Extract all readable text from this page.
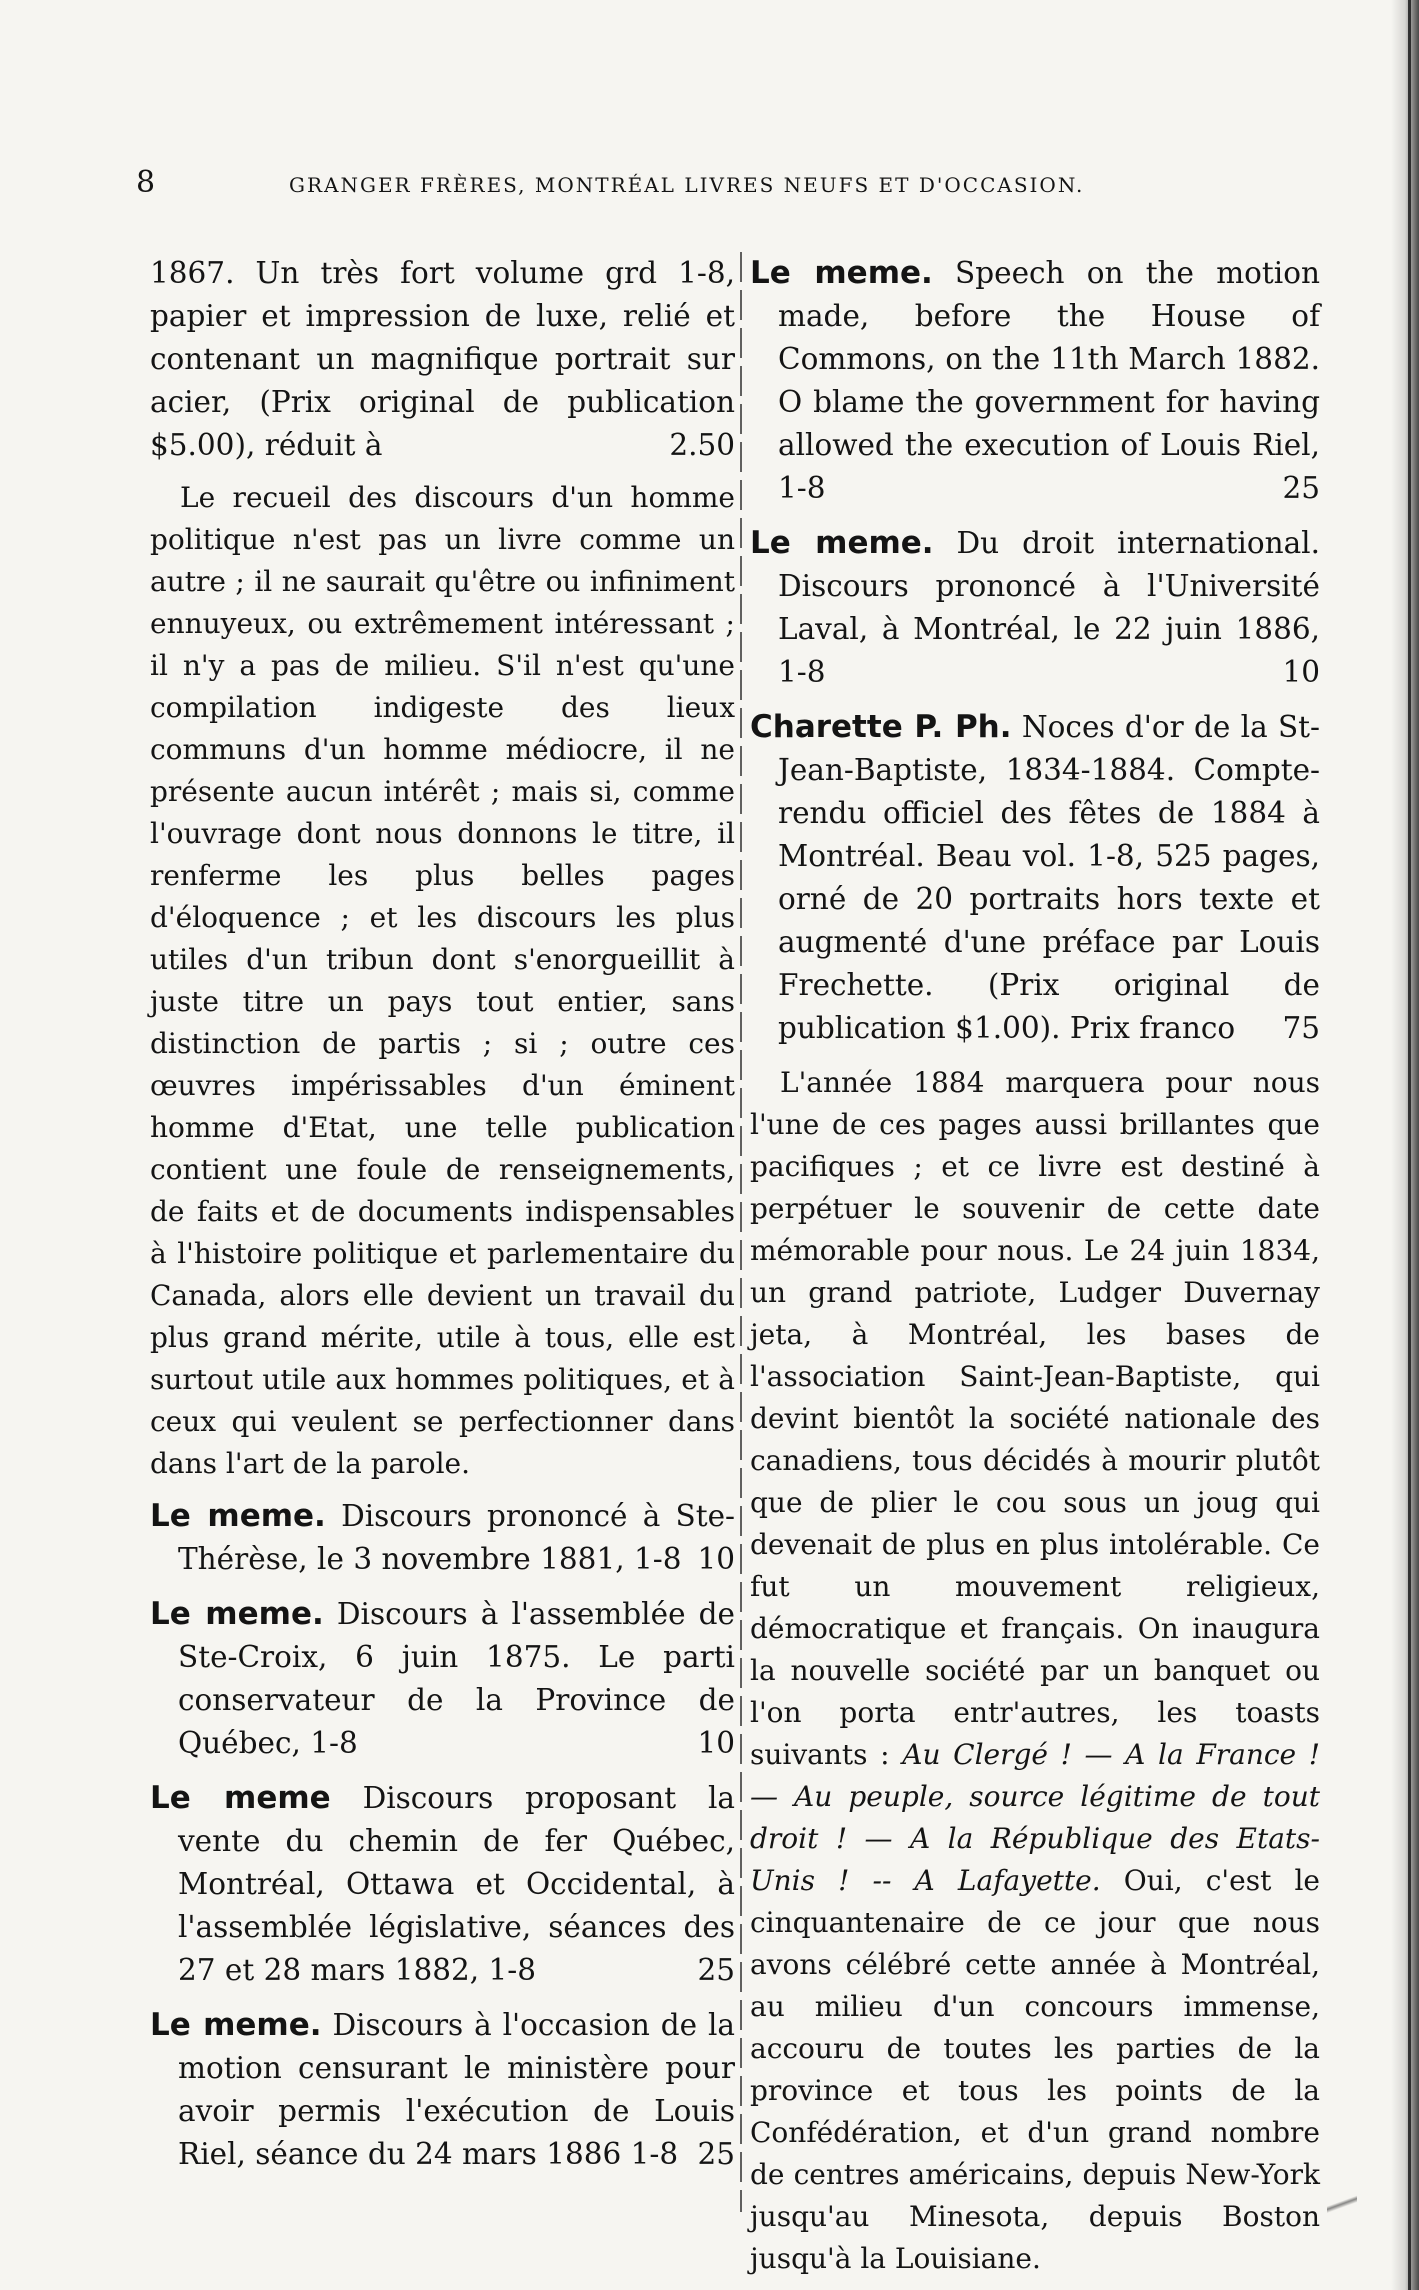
8	GRANGER FRÈRES, MONTRÉAL LIVRES NEUFS ET D'OCCASION.

1867. Un très fort volume grd 1-8, papier et impression de luxe, relié et contenant un magnifique portrait sur acier, (Prix original de publication $5.00), réduit à	2.50

Le recueil des discours d'un homme politique n'est pas un livre comme un autre ; il ne saurait qu'être ou infiniment ennuyeux, ou extrêmement intéressant ; il n'y a pas de milieu. S'il n'est qu'une compilation indigeste des lieux communs d'un homme médiocre, il ne présente aucun intérêt ; mais si, comme l'ouvrage dont nous donnons le titre, il renferme les plus belles pages d'éloquence ; et les discours les plus utiles d'un tribun dont s'enorgueillit à juste titre un pays tout entier, sans distinction de partis ; si ; outre ces œuvres impérissables d'un éminent homme d'Etat, une telle publication contient une foule de renseignements, de faits et de documents indispensables à l'histoire politique et parlementaire du Canada, alors elle devient un travail du plus grand mérite, utile à tous, elle est surtout utile aux hommes politiques, et à ceux qui veulent se perfectionner dans dans l'art de la parole.

Le meme. Discours prononcé à Ste-Thérèse, le 3 novembre 1881, 1-8 10

Le meme. Discours à l'assemblée de Ste-Croix, 6 juin 1875. Le parti conservateur de la Province de Québec, 1-8	10

Le meme Discours proposant la vente du chemin de fer Québec, Montréal, Ottawa et Occidental, à l'assemblée législative, séances des 27 et 28 mars 1882, 1-8	25

Le meme. Discours à l'occasion de la motion censurant le ministère pour avoir permis l'exécution de Louis Riel, séance du 24 mars 1886 1-8 25

Le meme. Speech on the motion made, before the House of Commons, on the 11th March 1882. O blame the government for having allowed the execution of Louis Riel, 1-8	25

Le meme. Du droit international. Discours prononcé à l'Université Laval, à Montréal, le 22 juin 1886, 1-8	10

Charette P. Ph. Noces d'or de la St-Jean-Baptiste, 1834-1884. Compte-rendu officiel des fêtes de 1884 à Montréal. Beau vol. 1-8, 525 pages, orné de 20 portraits hors texte et augmenté d'une préface par Louis Frechette. (Prix original de publication $1.00). Prix franco 75

L'année 1884 marquera pour nous l'une de ces pages aussi brillantes que pacifiques ; et ce livre est destiné à perpétuer le souvenir de cette date mémorable pour nous. Le 24 juin 1834, un grand patriote, Ludger Duvernay jeta, à Montréal, les bases de l'association Saint-Jean-Baptiste, qui devint bientôt la société nationale des canadiens, tous décidés à mourir plutôt que de plier le cou sous un joug qui devenait de plus en plus intolérable. Ce fut un mouvement religieux, démocratique et français. On inaugura la nouvelle société par un banquet ou l'on porta entr'autres, les toasts suivants : Au Clergé ! — A la France ! — Au peuple, source légitime de tout droit ! — A la République des Etats-Unis ! -- A Lafayette. Oui, c'est le cinquantenaire de ce jour que nous avons célébré cette année à Montréal, au milieu d'un concours immense, accouru de toutes les parties de la province et tous les points de la Confédération, et d'un grand nombre de centres américains, depuis New-York jusqu'au Minesota, depuis Boston jusqu'à la Louisiane.
